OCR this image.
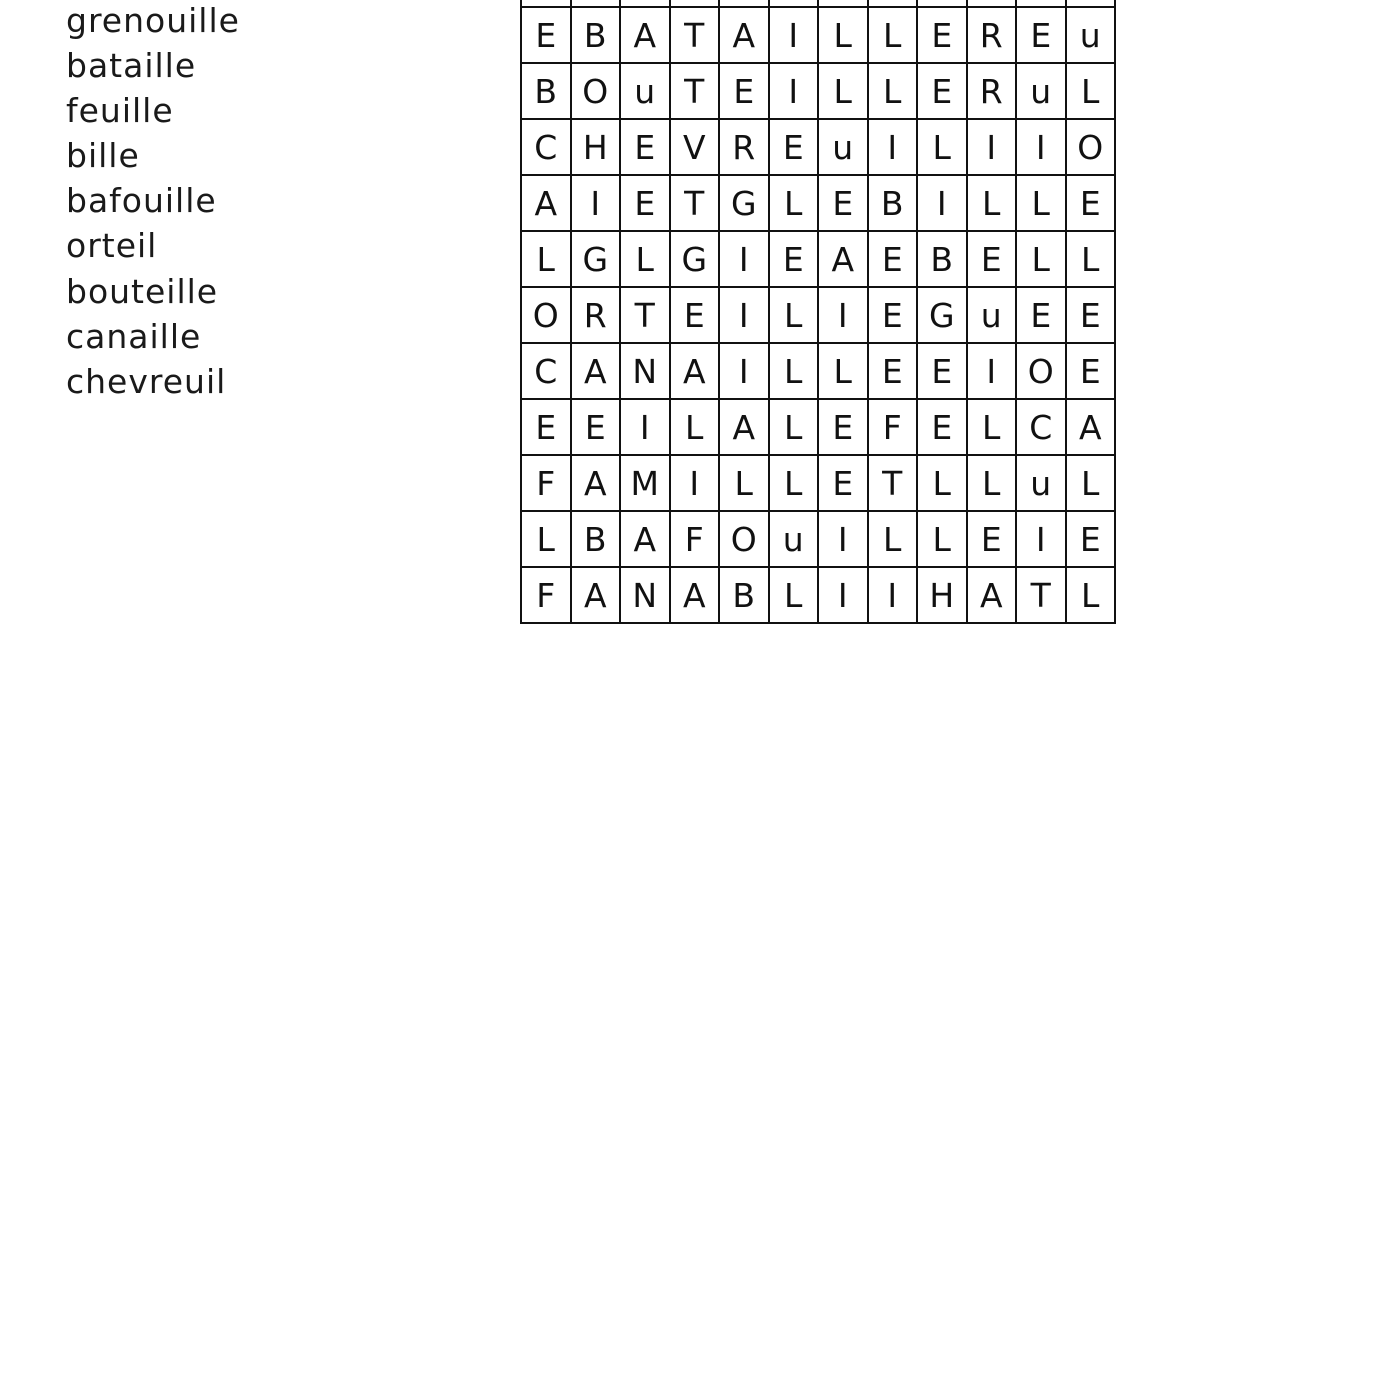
grenouille
bataille
feuille
bille
bafouille
orteil
bouteille
canaille
chevreuil

E	B	A	T	A	I	L	L	E	R	E	u
B	O	u	T	E	I	L	L	E	R	u	L
C	H	E	V	R	E	u	I	L	I	I	O
A	I	E	T	G	L	E	B	I	L	L	E
L	G	L	G	I	E	A	E	B	E	L	L
O	R	T	E	I	L	I	E	G	u	E	E
C	A	N	A	I	L	L	E	E	I	O	E
E	E	I	L	A	L	E	F	E	L	C	A
F	A	M	I	L	L	E	T	L	L	u	L
L	B	A	F	O	u	I	L	L	E	I	E
F	A	N	A	B	L	I	I	H	A	T	L
